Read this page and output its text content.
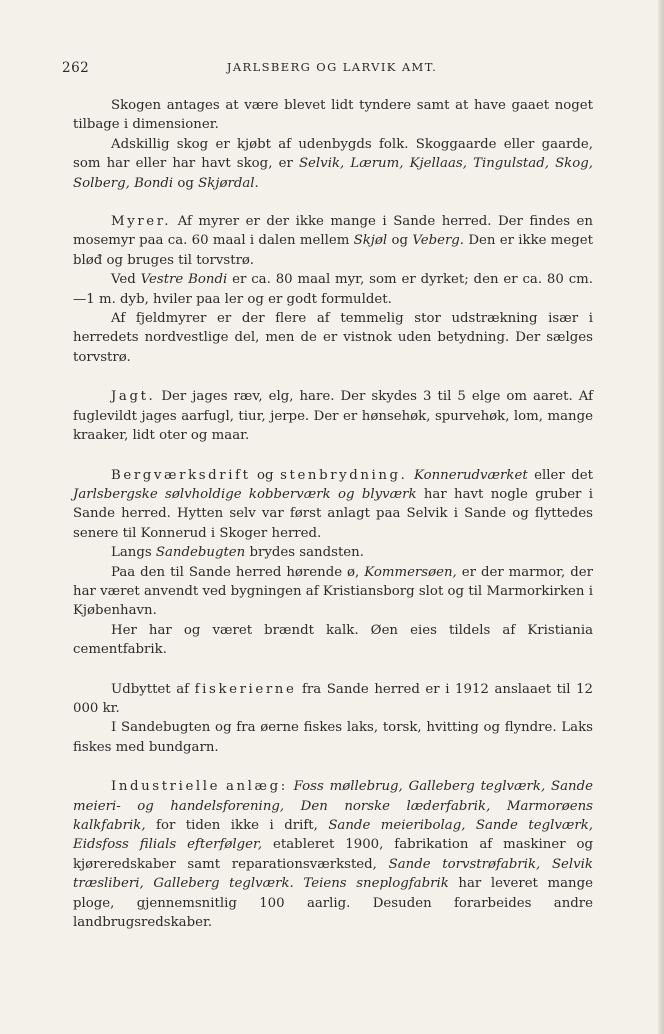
262	JARLSBERG OG LARVIK AMT.

Skogen antages at være blevet lidt tyndere samt at have gaaet noget tilbage i dimensioner.

Adskillig skog er kjøbt af udenbygds folk. Skoggaarde eller gaarde, som har eller har havt skog, er Selvik, Lærum, Kjellaas, Tingulstad, Skog, Solberg, Bondi og Skjørdal.

Myrer. Af myrer er der ikke mange i Sande herred. Der findes en mosemyr paa ca. 60 maal i dalen mellem Skjøl og Veberg. Den er ikke meget bløđ og bruges til torvstrø.

Ved Vestre Bondi er ca. 80 maal myr, som er dyrket; den er ca. 80 cm.—1 m. dyb, hviler paa ler og er godt formuldet.

Af fjeldmyrer er der flere af temmelig stor udstrækning især i herredets nordvestlige del, men de er vistnok uden betydning. Der sælges torvstrø.

Jagt. Der jages ræv, elg, hare. Der skydes 3 til 5 elge om aaret. Af fuglevildt jages aarfugl, tiur, jerpe. Der er hønsehøk, spurvehøk, lom, mange kraaker, lidt oter og maar.

Bergværksdrift og stenbrydning. Konnerudværket eller det Jarlsbergske sølvholdige kobberværk og blyværk har havt nogle gruber i Sande herred. Hytten selv var først anlagt paa Selvik i Sande og flyttedes senere til Konnerud i Skoger herred.

Langs Sandebugten brydes sandsten.

Paa den til Sande herred hørende ø, Kommersøen, er der marmor, der har været anvendt ved bygningen af Kristiansborg slot og til Marmorkirken i Kjøbenhavn.

Her har og været brændt kalk. Øen eies tildels af Kristiania cementfabrik.

Udbyttet af fiskerierne fra Sande herred er i 1912 anslaaet til 12 000 kr.

I Sandebugten og fra øerne fiskes laks, torsk, hvitting og flyndre. Laks fiskes med bundgarn.

Industrielle anlæg: Foss møllebrug, Galleberg teglværk, Sande meieri- og handelsforening, Den norske læderfabrik, Marmorøens kalkfabrik, for tiden ikke i drift, Sande meieribolag, Sande teglværk, Eidsfoss filials efterfølger, etableret 1900, fabrikation af maskiner og kjøreredskaber samt reparationsværksted, Sande torvstrøfabrik, Selvik træsliberi, Galleberg teglværk. Teiens sneplogfabrik har leveret mange ploge, gjennemsnitlig 100 aarlig. Desuden forarbeides andre landbrugsredskaber.
